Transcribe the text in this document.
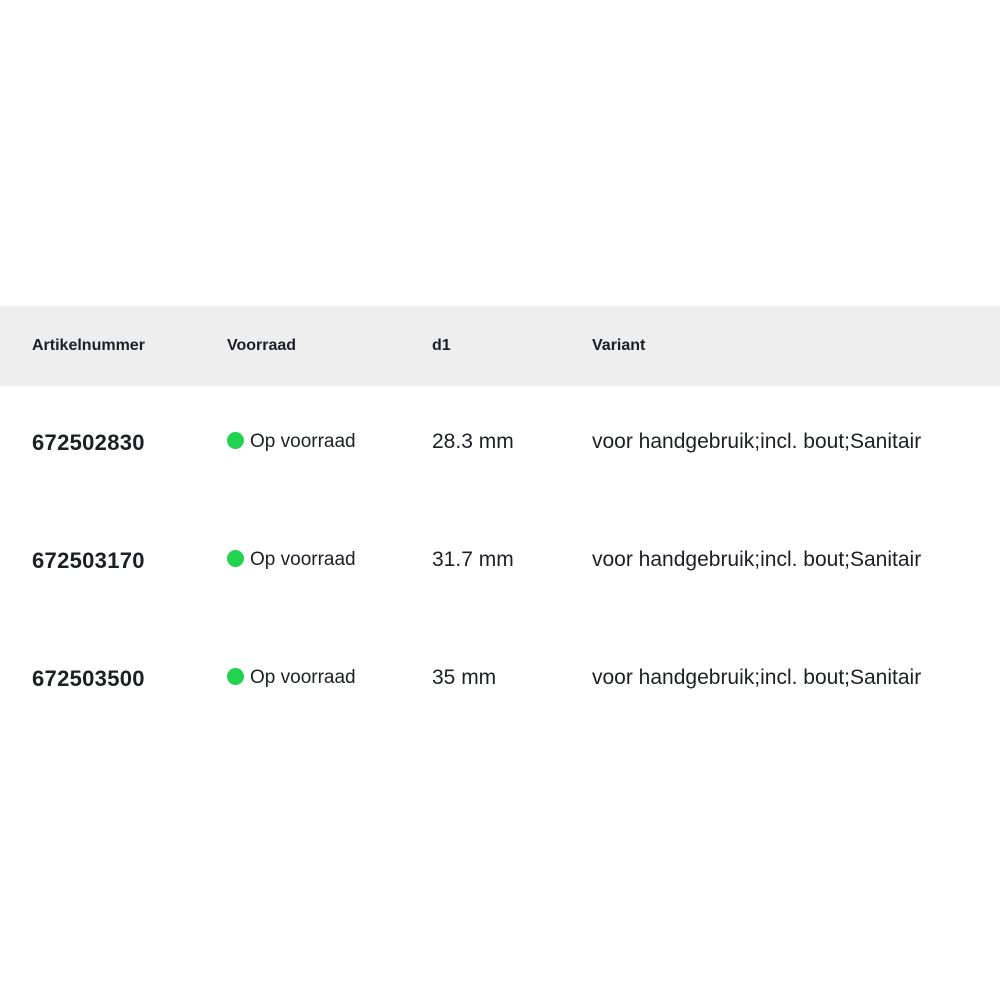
Artikelnummer	Voorraad	d1	Variant
672502830	Op voorraad	28.3 mm	voor handgebruik;incl. bout;Sanitair
672503170	Op voorraad	31.7 mm	voor handgebruik;incl. bout;Sanitair
672503500	Op voorraad	35 mm	voor handgebruik;incl. bout;Sanitair
